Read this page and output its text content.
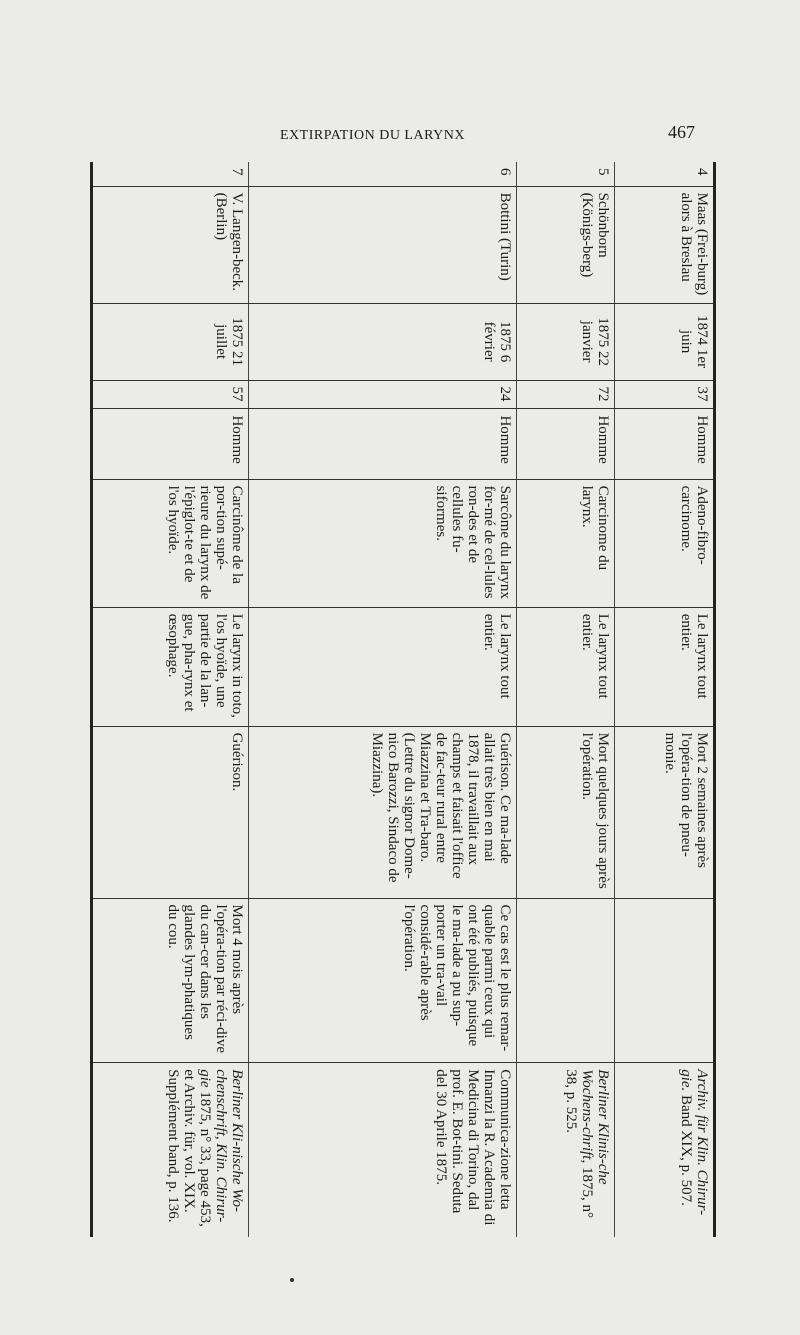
EXTIRPATION DU LARYNX	467
4	Maas (Frei-burg) alors à Breslau	1874 1er juin	37	Homme	Adeno-fibro-carcinome.	Le larynx tout entier.	Mort 2 semaines après l'opéra-tion de pneu-monie.		Archiv. für Klin. Chirur-gie. Band XIX, p. 507.
5	Schönborn (Königs-berg)	1875 22 janvier	72	Homme	Carcinome du larynx.	Le larynx tout entier.	Mort quelques jours après l'opération.		Berliner Klinis-che Wochens-chrift, 1875, n° 38, p. 525.
6	Bottini (Turin)	1875 6 février	24	Homme	Sarcôme du larynx for-mé de cel-lules ron-des et de cellules fu-siformes.	Le larynx tout entier.	Guérison. Ce ma-lade allait très bien en mai 1878, il travaillait aux champs et faisait l'office de fac-teur rural entre Miazzina et Tra-baro. (Lettre du signor Dome-nico Barozzi, Sindaco de Miazzina).	Ce cas est le plus remar-quable parmi ceux qui ont été publiés, puisque le ma-lade a pu sup-porter un tra-vail considé-rable après l'opération.	Communica-zione letta Innanzi la R. Academia di Medicina di Torino, dal prof. E. Bot-tini. Seduta del 30 Aprile 1875.
7	V. Langen-beck. (Berlin)	1875 21 juillet	57	Homme	Carcinôme de la por-tion supé-rieure du larynx de l'épiglot-te et de l'os hyoïde.	Le larynx in toto, l'os hyoïde, une partie de la lan-gue, pha-rynx et œsophage.	Guérison.	Mort 4 mois après l'opéra-tion par réci-dive du can-cer dans les glandes lym-phatiques du cou.	Berliner Kli-nische Wo-chenschrift, Klin. Chirur-gie 1875, n° 33, page 453, et Archiv. für, vol. XIX. Supplément band, p. 136.
